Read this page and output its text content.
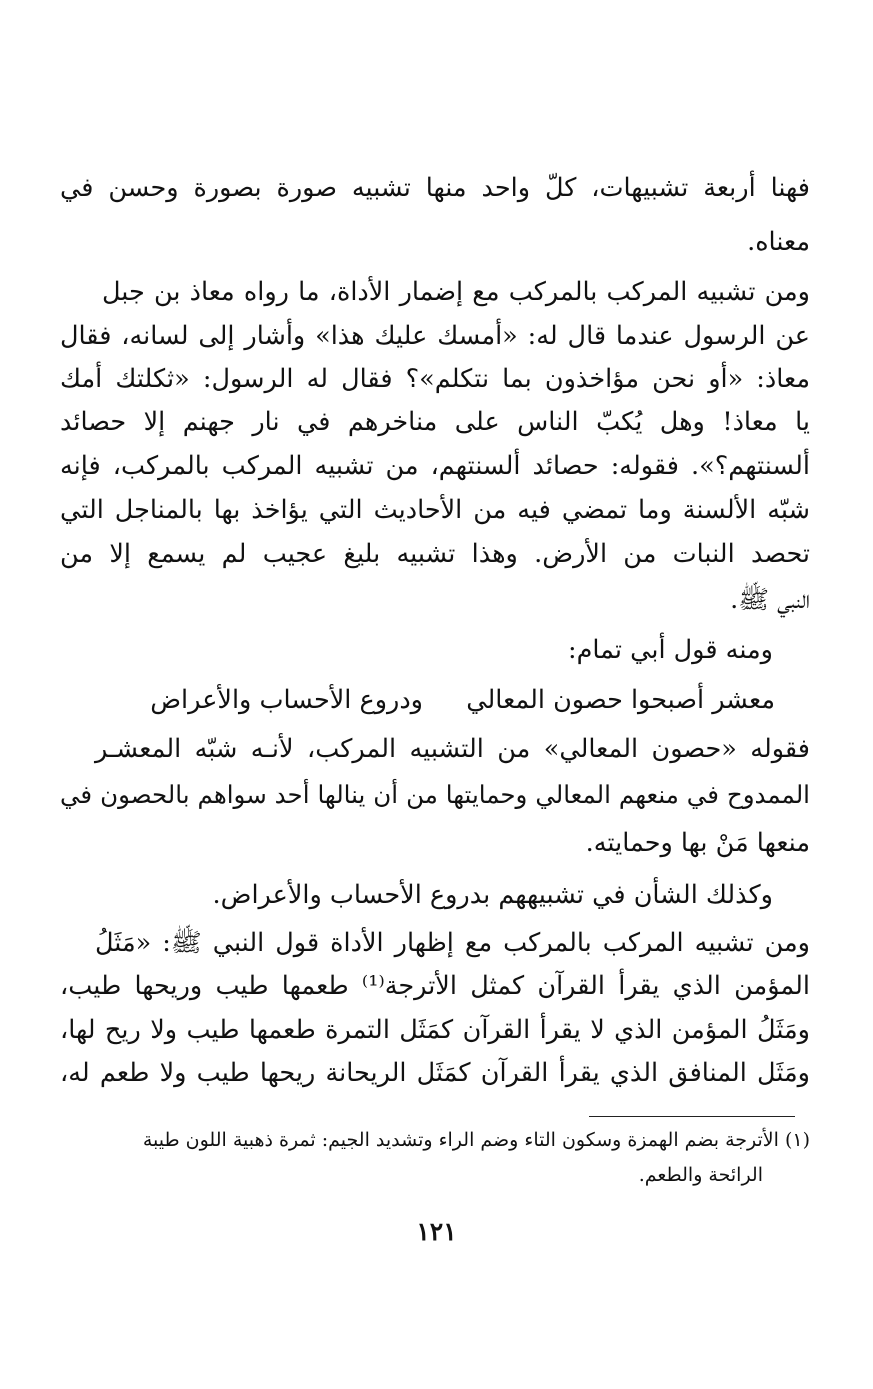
فهنا أربعة تشبيهات، كلّ واحد منها تشبيه صورة بصورة وحسن في
معناه.
ومن تشبيه المركب بالمركب مع إضمار الأداة، ما رواه معاذ بن جبل
عن الرسول عندما قال له: «أمسك عليك هذا» وأشار إلى لسانه، فقال
معاذ: «أو نحن مؤاخذون بما نتكلم»؟ فقال له الرسول: «ثكلتك أمك
يا معاذ! وهل يُكبّ الناس على مناخرهم في نار جهنم إلا حصائد
ألسنتهم؟». فقوله: حصائد ألسنتهم، من تشبيه المركب بالمركب، فإنه
شبّه الألسنة وما تمضي فيه من الأحاديث التي يؤاخذ بها بالمناجل التي
تحصد النبات من الأرض. وهذا تشبيه بليغ عجيب لم يسمع إلا من
النبي ﷺ.
ومنه قول أبي تمام:
معشر أصبحوا حصون المعالي
ودروع الأحساب والأعراض
فقوله «حصون المعالي» من التشبيه المركب، لأنـه شبّه المعشـر
الممدوح في منعهم المعالي وحمايتها من أن ينالها أحد سواهم بالحصون في
منعها مَنْ بها وحمايته.
وكذلك الشأن في تشبيههم بدروع الأحساب والأعراض.
ومن تشبيه المركب بالمركب مع إظهار الأداة قول النبي ﷺ: «مَثَلُ
المؤمن الذي يقرأ القرآن كمثل الأترجة⁽¹⁾ طعمها طيب وريحها طيب،
ومَثَلُ المؤمن الذي لا يقرأ القرآن كمَثَل التمرة طعمها طيب ولا ريح لها،
ومَثَل المنافق الذي يقرأ القرآن كمَثَل الريحانة ريحها طيب ولا طعم له،
(١) الأترجة بضم الهمزة وسكون التاء وضم الراء وتشديد الجيم: ثمرة ذهبية اللون طيبة
الرائحة والطعم.
١٢١
